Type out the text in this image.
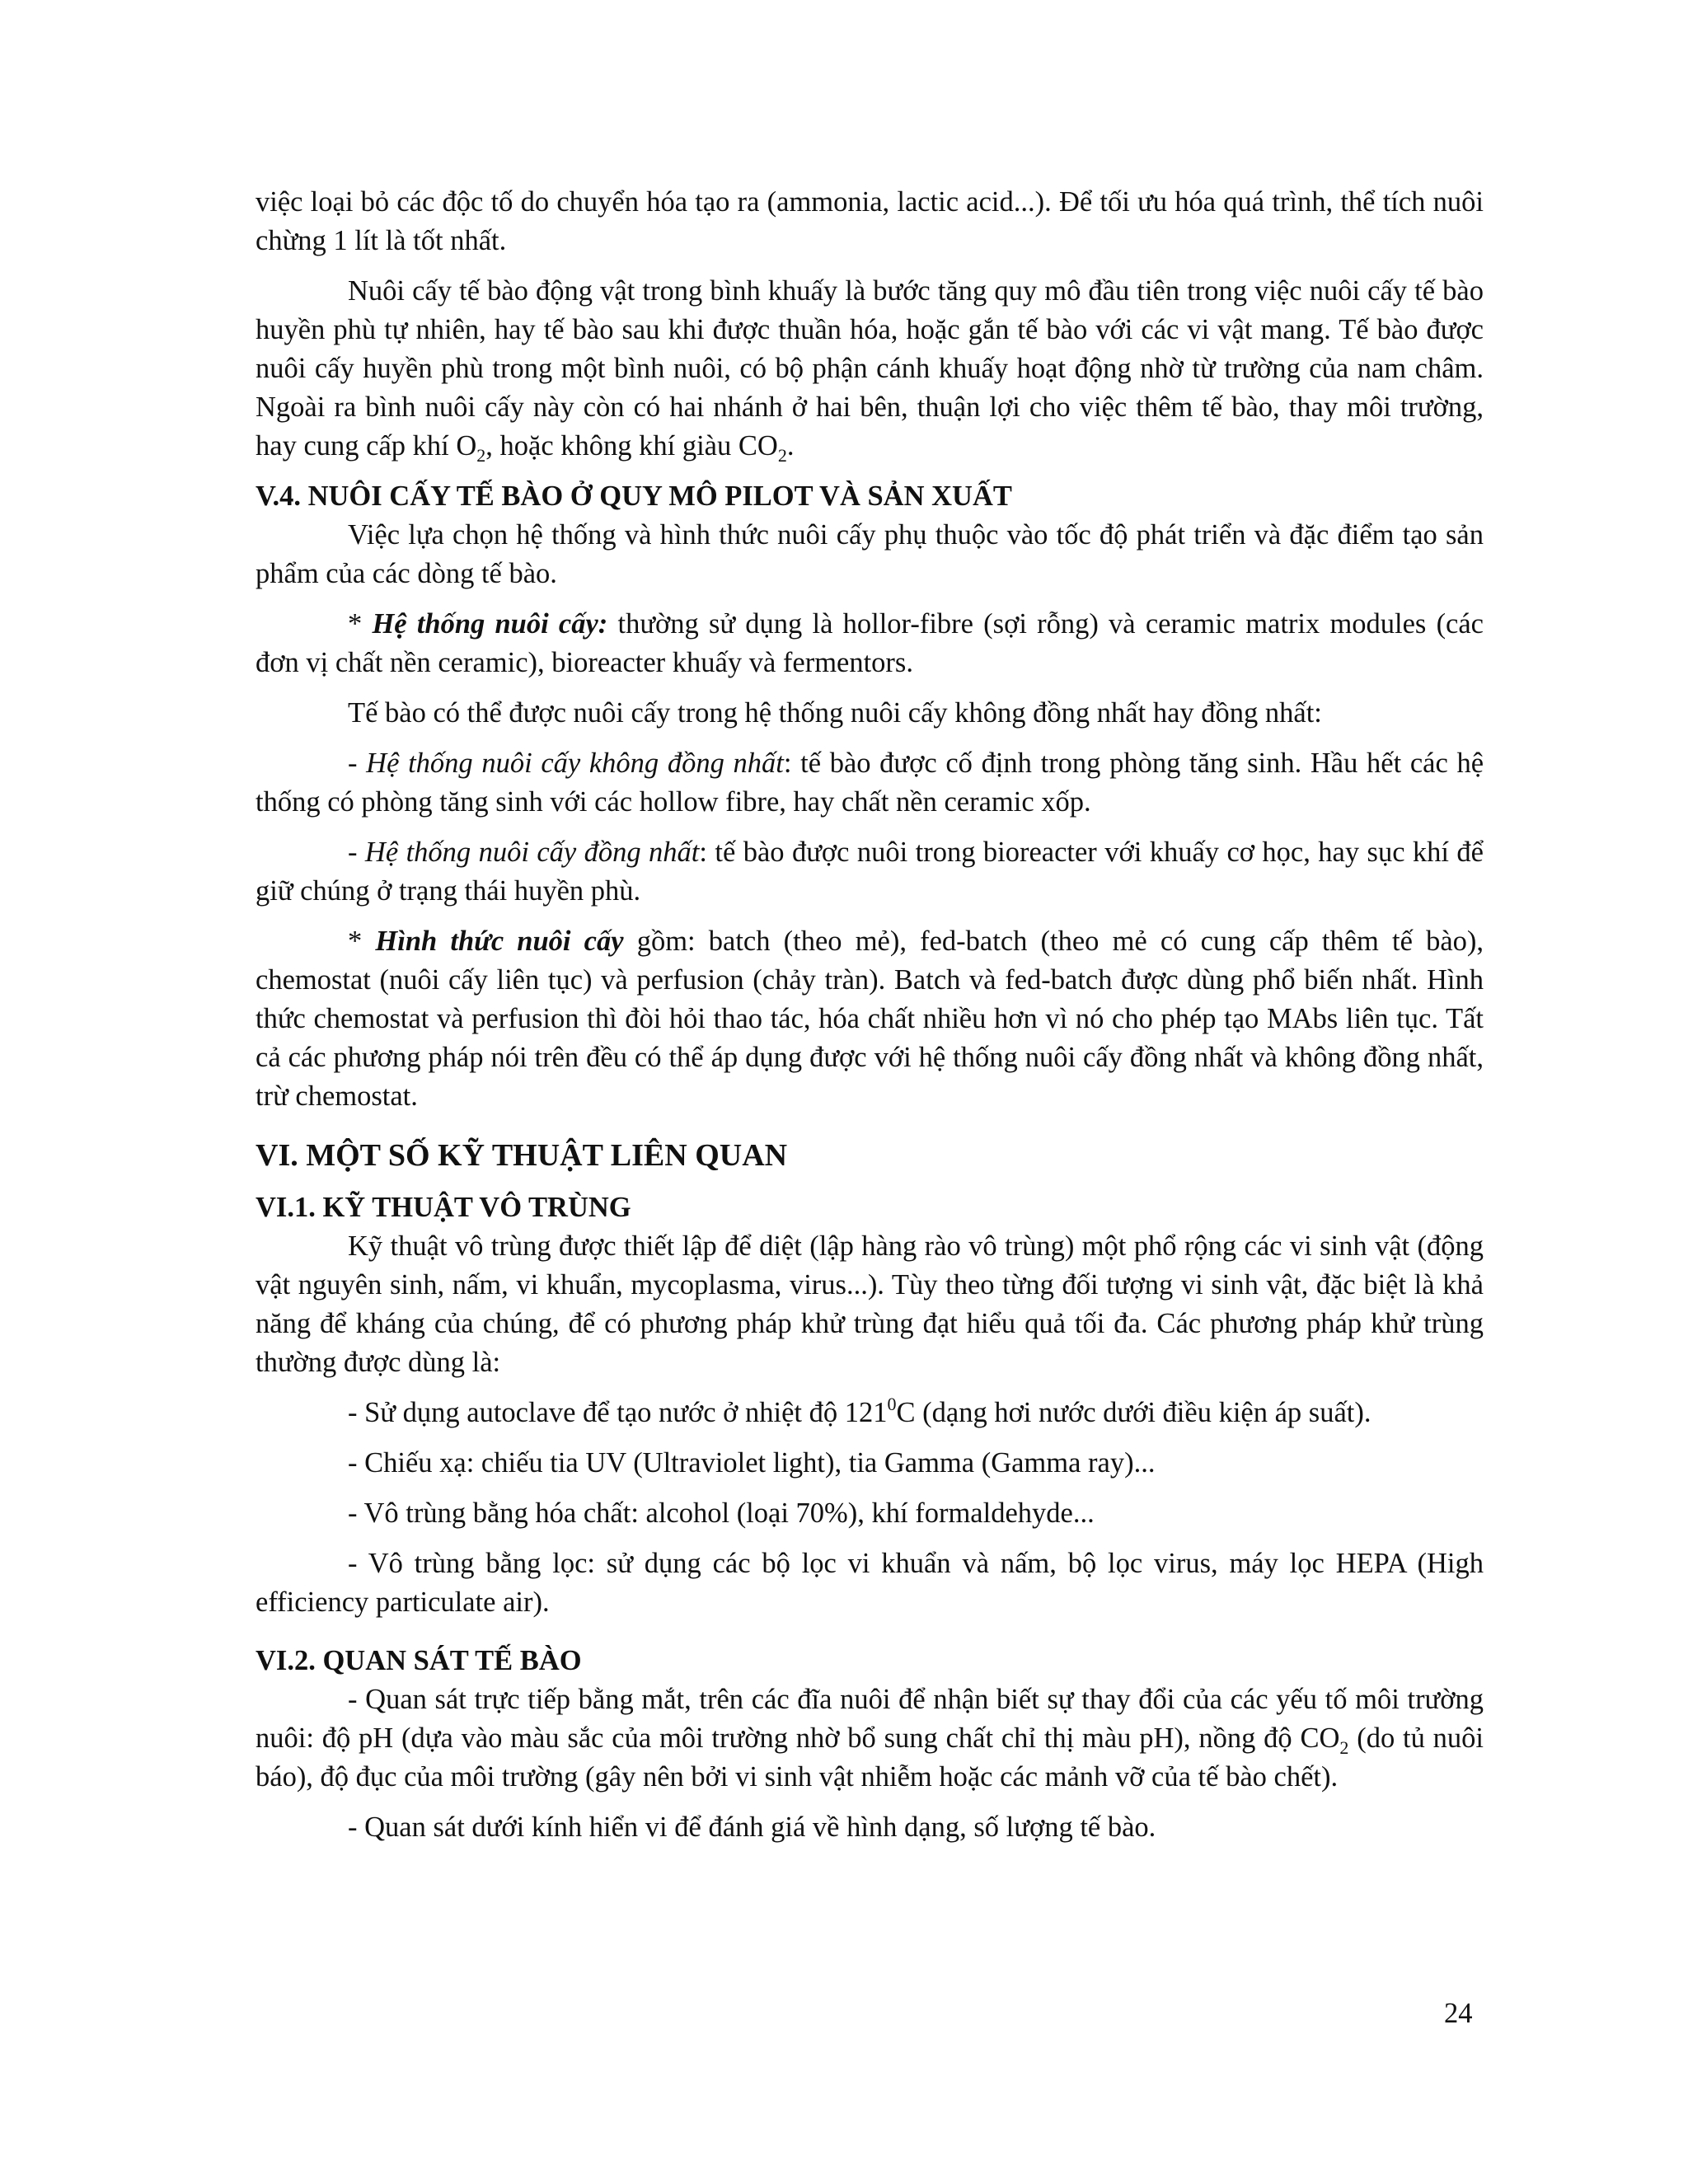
việc loại bỏ các độc tố do chuyển hóa tạo ra (ammonia, lactic acid...). Để tối ưu hóa quá trình, thể tích nuôi chừng 1 lít là tốt nhất.

Nuôi cấy tế bào động vật trong bình khuấy là bước tăng quy mô đầu tiên trong việc nuôi cấy tế bào huyền phù tự nhiên, hay tế bào sau khi được thuần hóa, hoặc gắn tế bào với các vi vật mang. Tế bào được nuôi cấy huyền phù trong một bình nuôi, có bộ phận cánh khuấy hoạt động nhờ từ trường của nam châm. Ngoài ra bình nuôi cấy này còn có hai nhánh ở hai bên, thuận lợi cho việc thêm tế bào, thay môi trường, hay cung cấp khí $O_2$, hoặc không khí giàu $CO_2$.

V.4. NUÔI CẤY TẾ BÀO Ở QUY MÔ PILOT VÀ SẢN XUẤT

Việc lựa chọn hệ thống và hình thức nuôi cấy phụ thuộc vào tốc độ phát triển và đặc điểm tạo sản phẩm của các dòng tế bào.

* Hệ thống nuôi cấy: thường sử dụng là hollor-fibre (sợi rỗng) và ceramic matrix modules (các đơn vị chất nền ceramic), bioreacter khuấy và fermentors.

Tế bào có thể được nuôi cấy trong hệ thống nuôi cấy không đồng nhất hay đồng nhất:

- Hệ thống nuôi cấy không đồng nhất: tế bào được cố định trong phòng tăng sinh. Hầu hết các hệ thống có phòng tăng sinh với các hollow fibre, hay chất nền ceramic xốp.

- Hệ thống nuôi cấy đồng nhất: tế bào được nuôi trong bioreacter với khuấy cơ học, hay sục khí để giữ chúng ở trạng thái huyền phù.

* Hình thức nuôi cấy gồm: batch (theo mẻ), fed-batch (theo mẻ có cung cấp thêm tế bào), chemostat (nuôi cấy liên tục) và perfusion (chảy tràn). Batch và fed-batch được dùng phổ biến nhất. Hình thức chemostat và perfusion thì đòi hỏi thao tác, hóa chất nhiều hơn vì nó cho phép tạo MAbs liên tục. Tất cả các phương pháp nói trên đều có thể áp dụng được với hệ thống nuôi cấy đồng nhất và không đồng nhất, trừ chemostat.

VI. MỘT SỐ KỸ THUẬT LIÊN QUAN
VI.1. KỸ THUẬT VÔ TRÙNG

Kỹ thuật vô trùng được thiết lập để diệt (lập hàng rào vô trùng) một phổ rộng các vi sinh vật (động vật nguyên sinh, nấm, vi khuẩn, mycoplasma, virus...). Tùy theo từng đối tượng vi sinh vật, đặc biệt là khả năng để kháng của chúng, để có phương pháp khử trùng đạt hiểu quả tối đa. Các phương pháp khử trùng thường được dùng là:

- Sử dụng autoclave để tạo nước ở nhiệt độ $121^0C$ (dạng hơi nước dưới điều kiện áp suất).

- Chiếu xạ: chiếu tia UV (Ultraviolet light), tia Gamma (Gamma ray)...

- Vô trùng bằng hóa chất: alcohol (loại 70%), khí formaldehyde...

- Vô trùng bằng lọc: sử dụng các bộ lọc vi khuẩn và nấm, bộ lọc virus, máy lọc HEPA (High efficiency particulate air).

VI.2. QUAN SÁT TẾ BÀO

- Quan sát trực tiếp bằng mắt, trên các đĩa nuôi để nhận biết sự thay đổi của các yếu tố môi trường nuôi: độ pH (dựa vào màu sắc của môi trường nhờ bổ sung chất chỉ thị màu pH), nồng độ $CO_2$ (do tủ nuôi báo), độ đục của môi trường (gây nên bởi vi sinh vật nhiễm hoặc các mảnh vỡ của tế bào chết).

- Quan sát dưới kính hiển vi để đánh giá về hình dạng, số lượng tế bào.

24
